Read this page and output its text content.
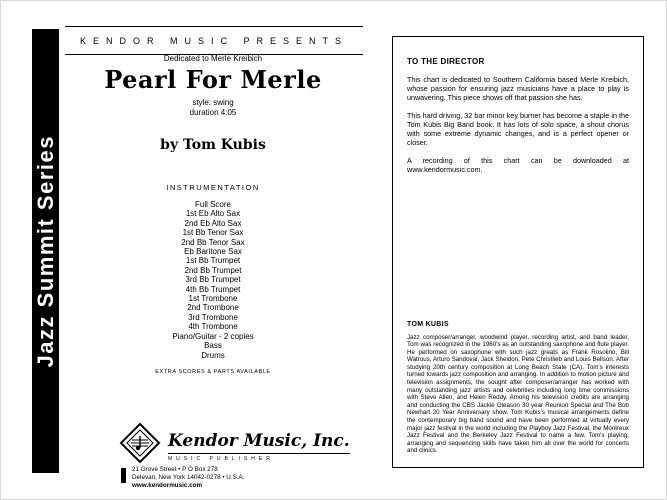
Jazz Summit Series
KENDOR MUSIC PRESENTS
Dedicated to Merle Kreibich
Pearl For Merle
style: swing
duration 4:05
by Tom Kubis
INSTRUMENTATION
Full Score
1st Eb Alto Sax
2nd Eb Alto Sax
1st Bb Tenor Sax
2nd Bb Tenor Sax
Eb Baritone Sax
1st Bb Trumpet
2nd Bb Trumpet
3rd Bb Trumpet
4th Bb Trumpet
1st Trombone
2nd Trombone
3rd Trombone
4th Trombone
Piano/Guitar - 2 copies
Bass
Drums
EXTRA SCORES & PARTS AVAILABLE
Kendor Music, Inc.
MUSIC PUBLISHER
21 Grove Street • P O Box 278
Delevan, New York 14042-0278 • U.S.A.
www.kendormusic.com
TO THE DIRECTOR
This chart is dedicated to Southern California based Merle Kreibich, whose passion for ensuring jazz musicians have a place to play is unwavering. This piece shows off that passion she has.
This hard driving, 32 bar minor key burner has become a staple in the Tom Kubis Big Band book. It has lots of solo space, a shout chorus with some extreme dynamic changes, and is a perfect opener or closer.
A recording of this chart can be downloaded at www.kendormusic.com.
TOM KUBIS
Jazz composer/arranger, woodwind player, recording artist, and band leader, Tom was recognized in the 1960's as an outstanding saxophone and flute player. He performed on saxophone with such jazz greats as Frank Rosolino, Bill Watrous, Arturo Sandoval, Jack Sheldon, Pete Christlieb and Louis Bellson. After studying 20th century composition at Long Beach State (CA), Tom's interests turned towards jazz composition and arranging. In addition to motion picture and television assignments, the sought after composer/arranger has worked with many outstanding jazz artists and celebrities including long time commissions with Steve Allen, and Helen Reddy. Among his television credits are arranging and conducting the CBS Jackie Gleason 30 year Reunion Special and The Bob Newhart 20 Year Anniversary show. Tom Kubis's musical arrangements define the contemporary big band sound and have been performed at virtually every major jazz festival in the world including the Playboy Jazz Festival, the Montreux Jazz Festival and the Berkeley Jazz Festival to name a few. Tom's playing, arranging and sequencing skills have taken him all over the world for concerts and clinics.
